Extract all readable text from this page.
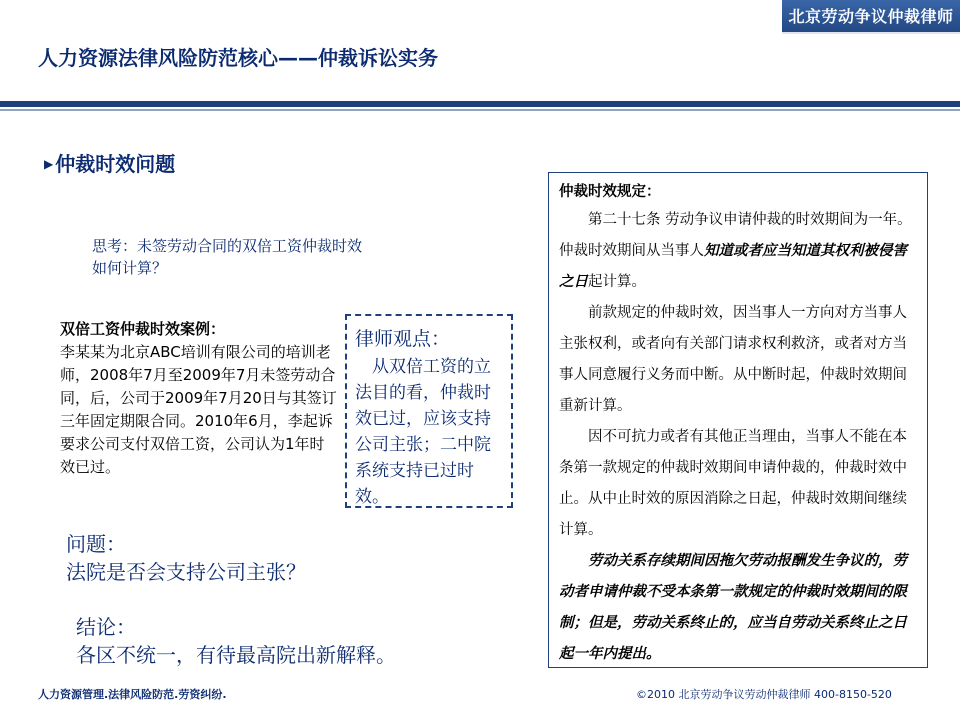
北京劳动争议仲裁律师
人力资源法律风险防范核心——仲裁诉讼实务
▶ 仲裁时效问题
思考：未签劳动合同的双倍工资仲裁时效如何计算？
双倍工资仲裁时效案例：
李某某为北京ABC培训有限公司的培训老师，2008年7月至2009年7月未签劳动合同，后，公司于2009年7月20日与其签订三年固定期限合同。2010年6月，李起诉要求公司支付双倍工资，公司认为1年时效已过。
律师观点：
从双倍工资的立法目的看，仲裁时效已过，应该支持公司主张；二中院系统支持已过时效。
问题：
法院是否会支持公司主张？
结论：
各区不统一，有待最高院出新解释。
仲裁时效规定：

第二十七条 劳动争议申请仲裁的时效期间为一年。仲裁时效期间从当事人知道或者应当知道其权利被侵害之日起计算。

前款规定的仲裁时效，因当事人一方向对方当事人主张权利，或者向有关部门请求权利救济，或者对方当事人同意履行义务而中断。从中断时起，仲裁时效期间重新计算。

因不可抗力或者有其他正当理由，当事人不能在本条第一款规定的仲裁时效期间申请仲裁的，仲裁时效中止。从中止时效的原因消除之日起，仲裁时效期间继续计算。

劳动关系存续期间因拖欠劳动报酬发生争议的，劳动者申请仲裁不受本条第一款规定的仲裁时效期间的限制；但是，劳动关系终止的，应当自劳动关系终止之日起一年内提出。

人力资源管理.法律风险防范.劳资纠纷.	©2010 北京劳动争议劳动仲裁律师 400-8150-520
